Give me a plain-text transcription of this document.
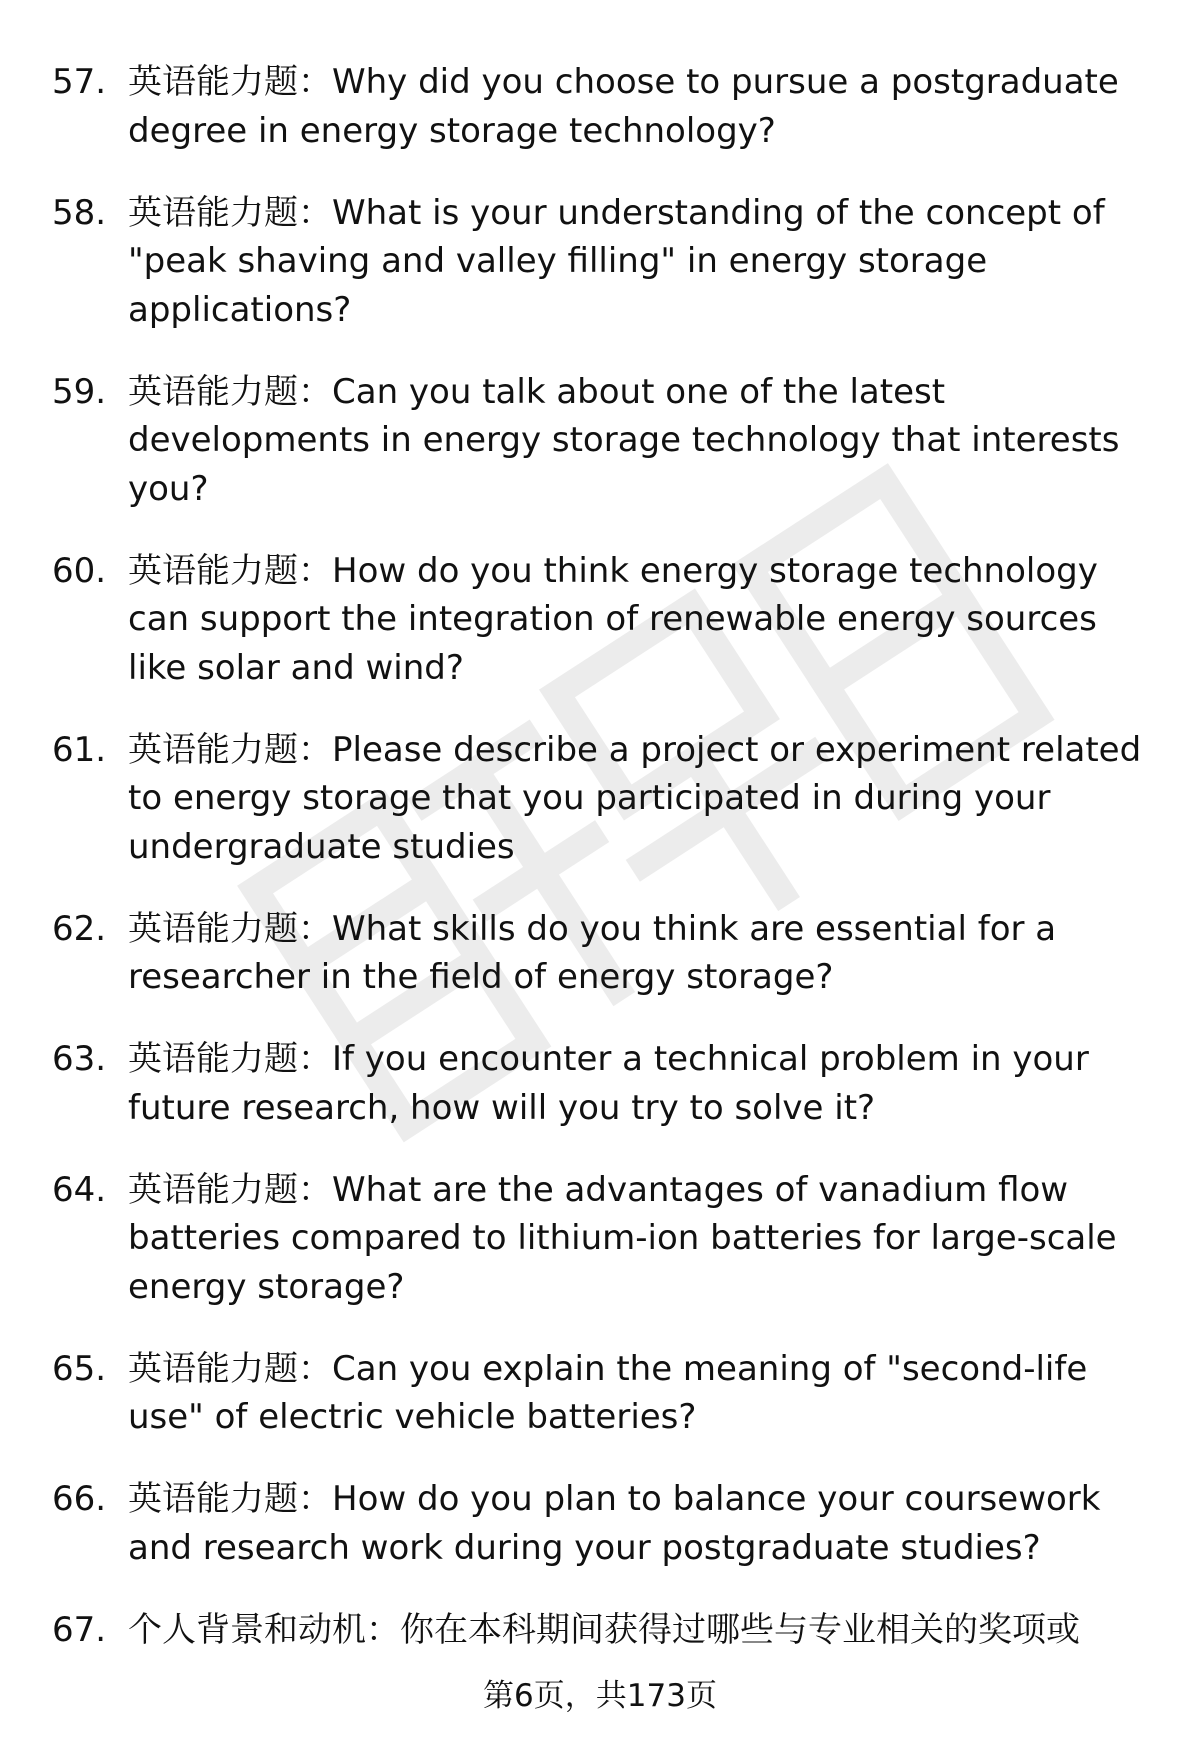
57. 英语能力题：Why did you choose to pursue a postgraduate degree in energy storage technology?
58. 英语能力题：What is your understanding of the concept of "peak shaving and valley filling" in energy storage applications?
59. 英语能力题：Can you talk about one of the latest developments in energy storage technology that interests you?
60. 英语能力题：How do you think energy storage technology can support the integration of renewable energy sources like solar and wind?
61. 英语能力题：Please describe a project or experiment related to energy storage that you participated in during your undergraduate studies
62. 英语能力题：What skills do you think are essential for a researcher in the field of energy storage?
63. 英语能力题：If you encounter a technical problem in your future research, how will you try to solve it?
64. 英语能力题：What are the advantages of vanadium flow batteries compared to lithium-ion batteries for large-scale energy storage?
65. 英语能力题：Can you explain the meaning of "second-life use" of electric vehicle batteries?
66. 英语能力题：How do you plan to balance your coursework and research work during your postgraduate studies?
67. 个人背景和动机：你在本科期间获得过哪些与专业相关的奖项或
第6页，共173页
